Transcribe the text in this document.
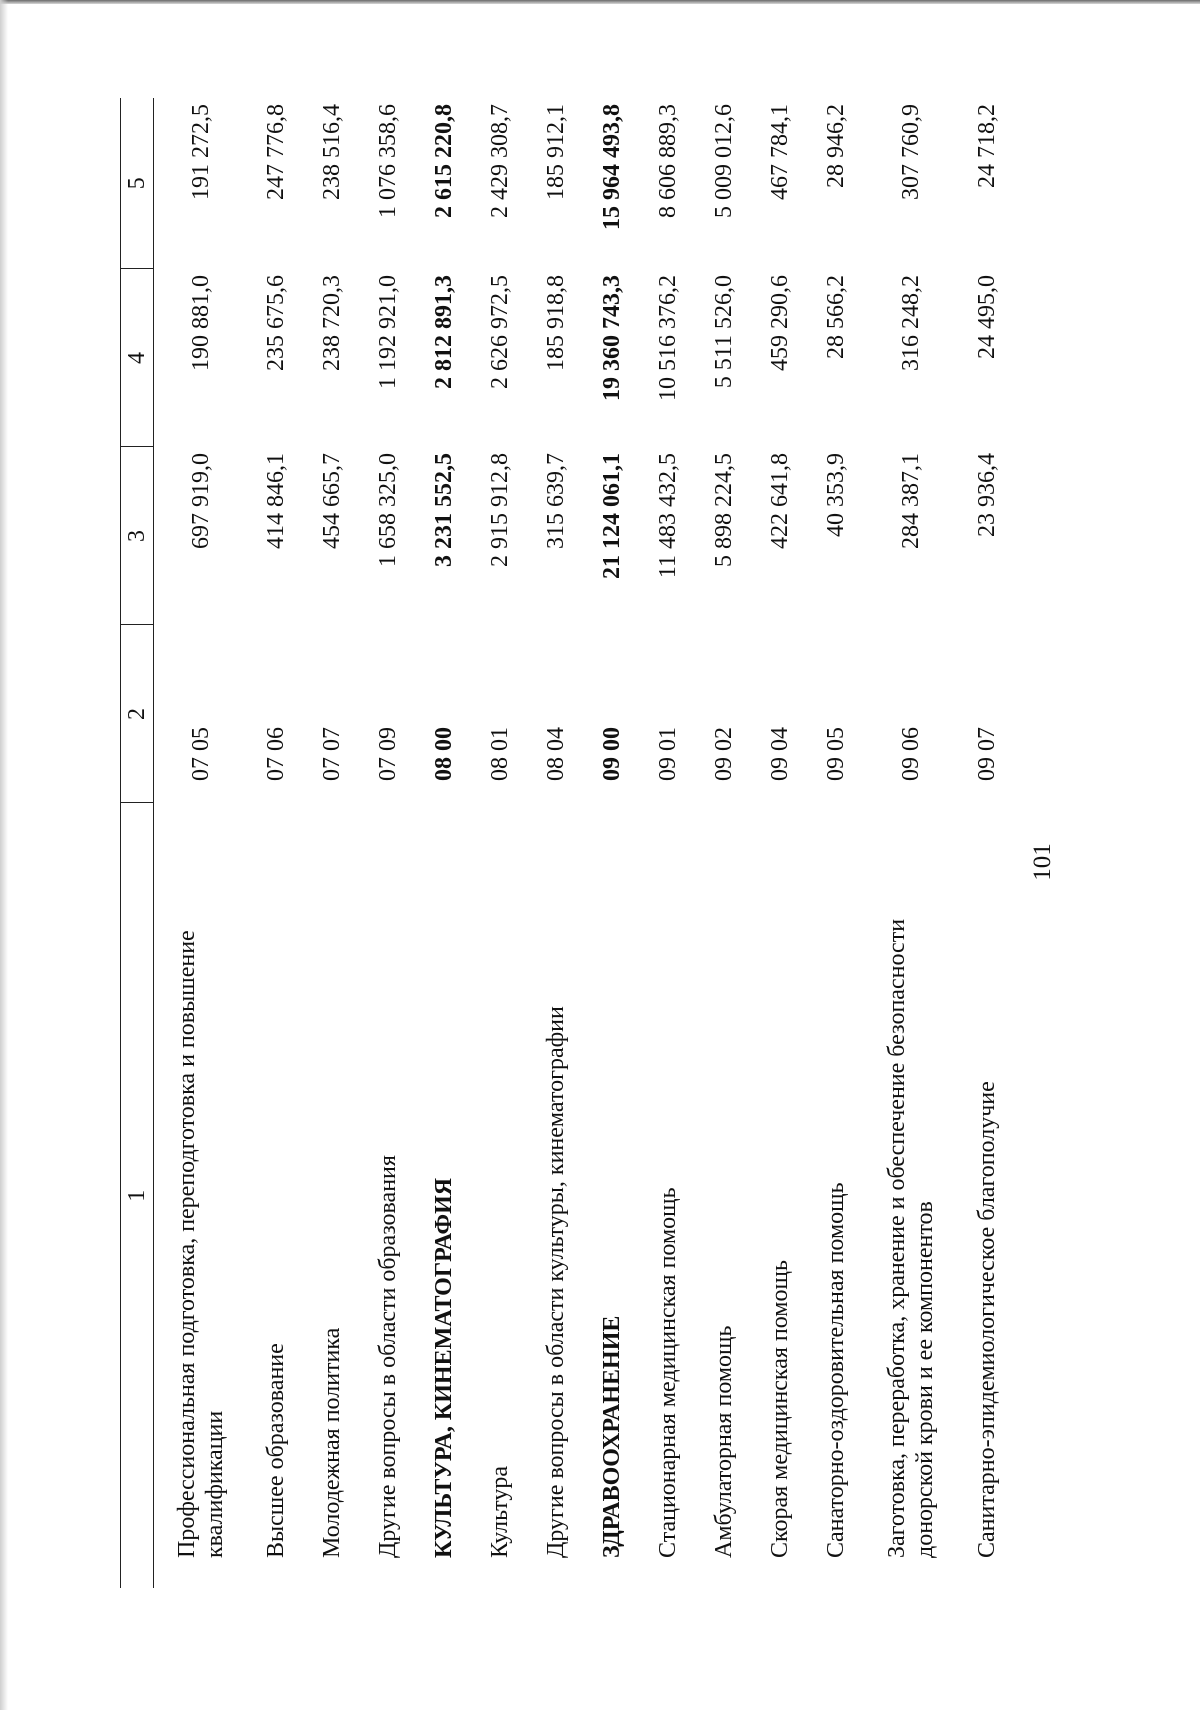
101
1	2	3	4	5
Профессиональная подготовка, переподготовка и повышение квалификации	07 05	697 919,0	190 881,0	191 272,5
Высшее образование	07 06	414 846,1	235 675,6	247 776,8
Молодежная политика	07 07	454 665,7	238 720,3	238 516,4
Другие вопросы в области образования	07 09	1 658 325,0	1 192 921,0	1 076 358,6
КУЛЬТУРА, КИНЕМАТОГРАФИЯ	08 00	3 231 552,5	2 812 891,3	2 615 220,8
Культура	08 01	2 915 912,8	2 626 972,5	2 429 308,7
Другие вопросы в области культуры, кинематографии	08 04	315 639,7	185 918,8	185 912,1
ЗДРАВООХРАНЕНИЕ	09 00	21 124 061,1	19 360 743,3	15 964 493,8
Стационарная медицинская помощь	09 01	11 483 432,5	10 516 376,2	8 606 889,3
Амбулаторная помощь	09 02	5 898 224,5	5 511 526,0	5 009 012,6
Скорая медицинская помощь	09 04	422 641,8	459 290,6	467 784,1
Санаторно-оздоровительная помощь	09 05	40 353,9	28 566,2	28 946,2
Заготовка, переработка, хранение и обеспечение безопасности донорской крови и ее компонентов	09 06	284 387,1	316 248,2	307 760,9
Санитарно-эпидемиологическое благополучие	09 07	23 936,4	24 495,0	24 718,2
